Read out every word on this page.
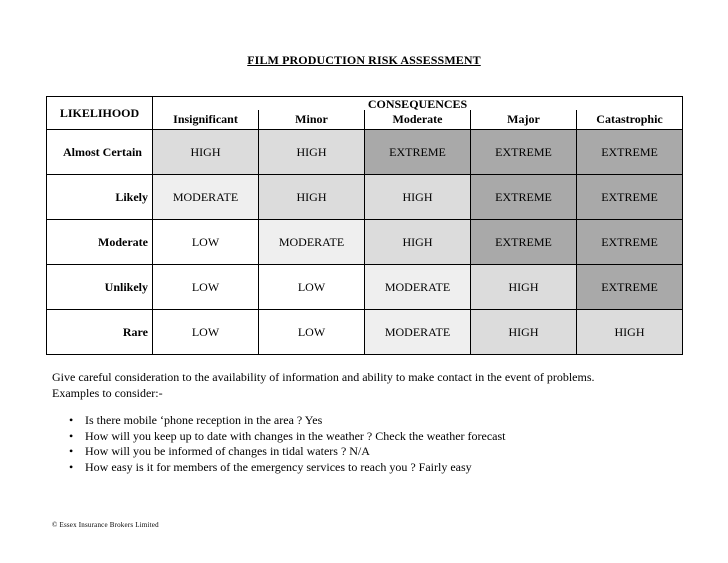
FILM PRODUCTION RISK ASSESSMENT
LIKELIHOOD	CONSEQUENCES				
	Insignificant	Minor	Moderate	Major	Catastrophic
Almost Certain	HIGH	HIGH	EXTREME	EXTREME	EXTREME
Likely	MODERATE	HIGH	HIGH	EXTREME	EXTREME
Moderate	LOW	MODERATE	HIGH	EXTREME	EXTREME
Unlikely	LOW	LOW	MODERATE	HIGH	EXTREME
Rare	LOW	LOW	MODERATE	HIGH	HIGH
Give careful consideration to the availability of information and ability to make contact in the event of problems.
Examples to consider:-
• Is there mobile ‘phone reception in the area ? Yes
• How will you keep up to date with changes in the weather ? Check the weather forecast
• How will you be informed of changes in tidal waters ? N/A
• How easy is it for members of the emergency services to reach you ? Fairly easy
© Essex Insurance Brokers Limited
